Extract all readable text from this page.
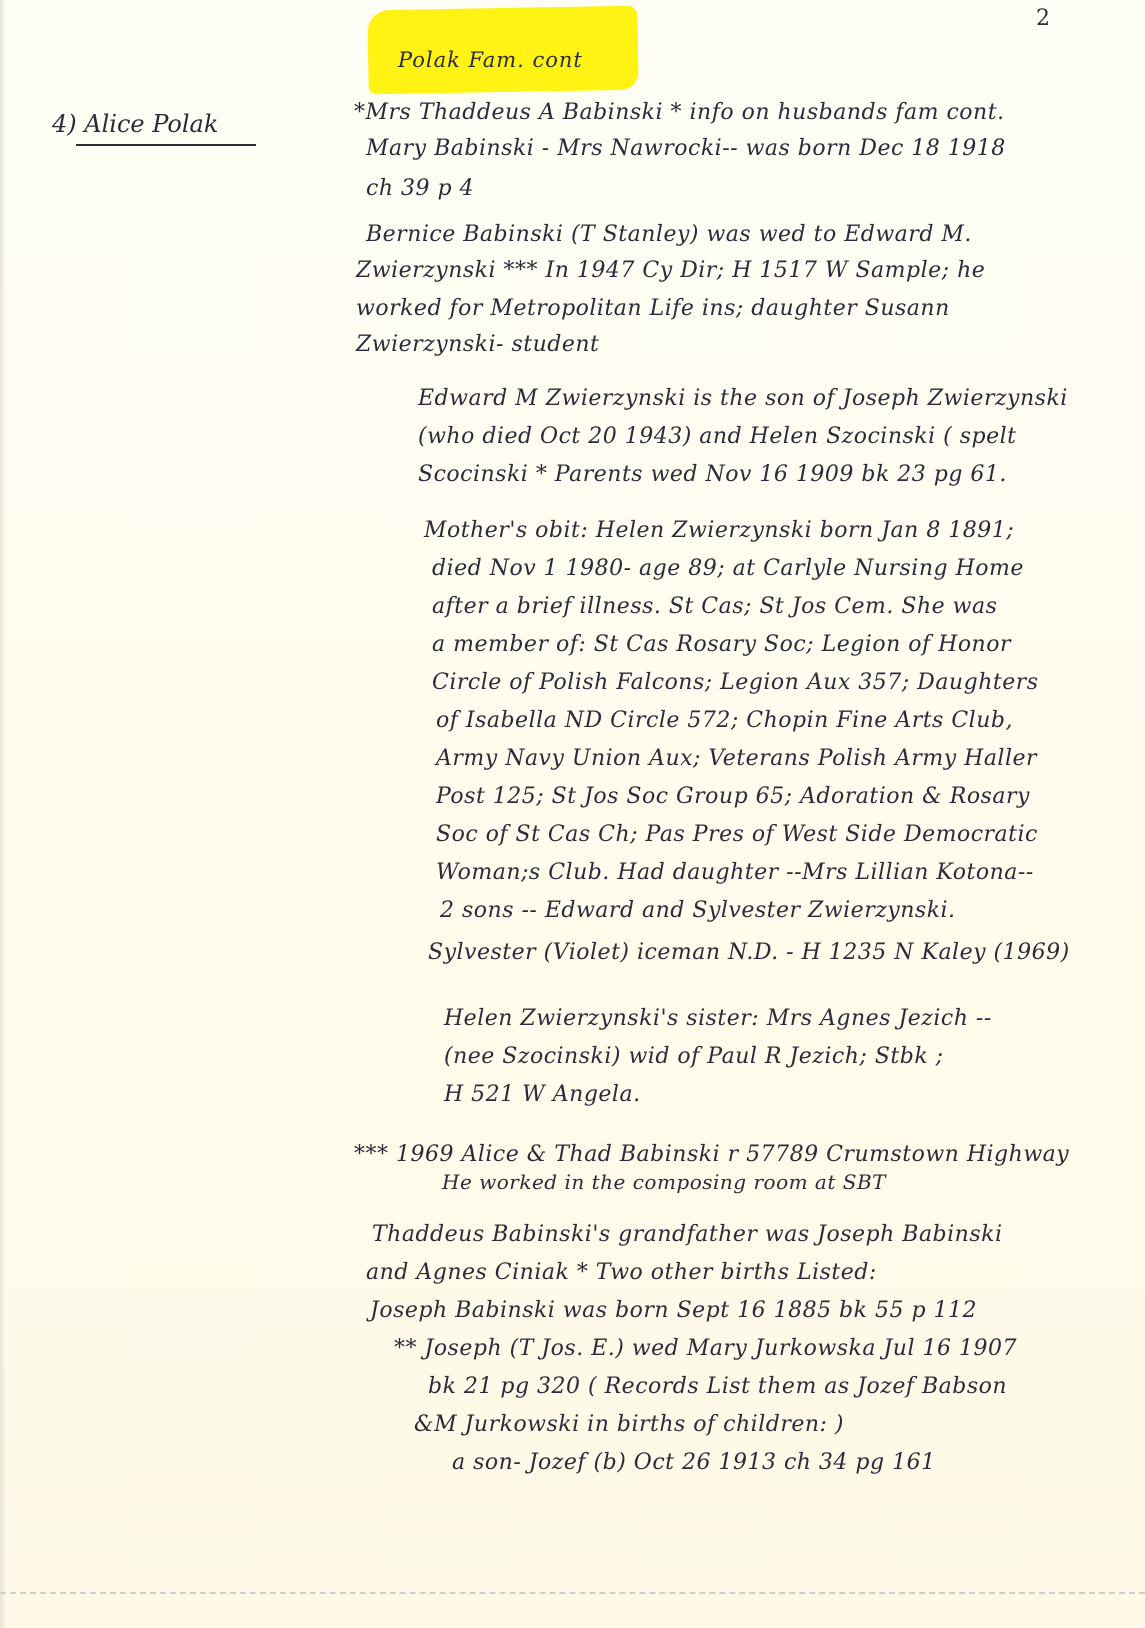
Polak Fam. cont
2
4) Alice Polak	*Mrs Thaddeus A Babinski * info on husbands fam cont.
Mary Babinski - Mrs Nawrocki-- was born Dec 18 1918
ch 39 p 4
Bernice Babinski (T Stanley) was wed to Edward M.
Zwierzynski *** In 1947 Cy Dir; H 1517 W Sample; he
worked for Metropolitan Life ins; daughter Susann
Zwierzynski- student
Edward M Zwierzynski is the son of Joseph Zwierzynski
(who died Oct 20 1943) and Helen Szocinski ( spelt
Scocinski * Parents wed Nov 16 1909 bk 23 pg 61.
Mother's obit: Helen Zwierzynski born Jan 8 1891;
died Nov 1 1980- age 89; at Carlyle Nursing Home
after a brief illness. St Cas; St Jos Cem. She was
a member of: St Cas Rosary Soc; Legion of Honor
Circle of Polish Falcons; Legion Aux 357; Daughters
of Isabella ND Circle 572; Chopin Fine Arts Club,
Army Navy Union Aux; Veterans Polish Army Haller
Post 125; St Jos Soc Group 65; Adoration & Rosary
Soc of St Cas Ch; Pas Pres of West Side Democratic
Woman;s Club. Had daughter --Mrs Lillian Kotona--
2 sons -- Edward and Sylvester Zwierzynski.
Sylvester (Violet) iceman N.D. - H 1235 N Kaley (1969)
Helen Zwierzynski's sister: Mrs Agnes Jezich --
(nee Szocinski) wid of Paul R Jezich; Stbk ;
H 521 W Angela.
*** 1969 Alice & Thad Babinski r 57789 Crumstown Highway
He worked in the composing room at SBT
Thaddeus Babinski's grandfather was Joseph Babinski
and Agnes Ciniak * Two other births Listed:
Joseph Babinski was born Sept 16 1885 bk 55 p 112
** Joseph (T Jos. E.) wed Mary Jurkowska Jul 16 1907
bk 21 pg 320 ( Records List them as Jozef Babson
&M Jurkowski in births of children: )
a son- Jozef (b) Oct 26 1913 ch 34 pg 161
